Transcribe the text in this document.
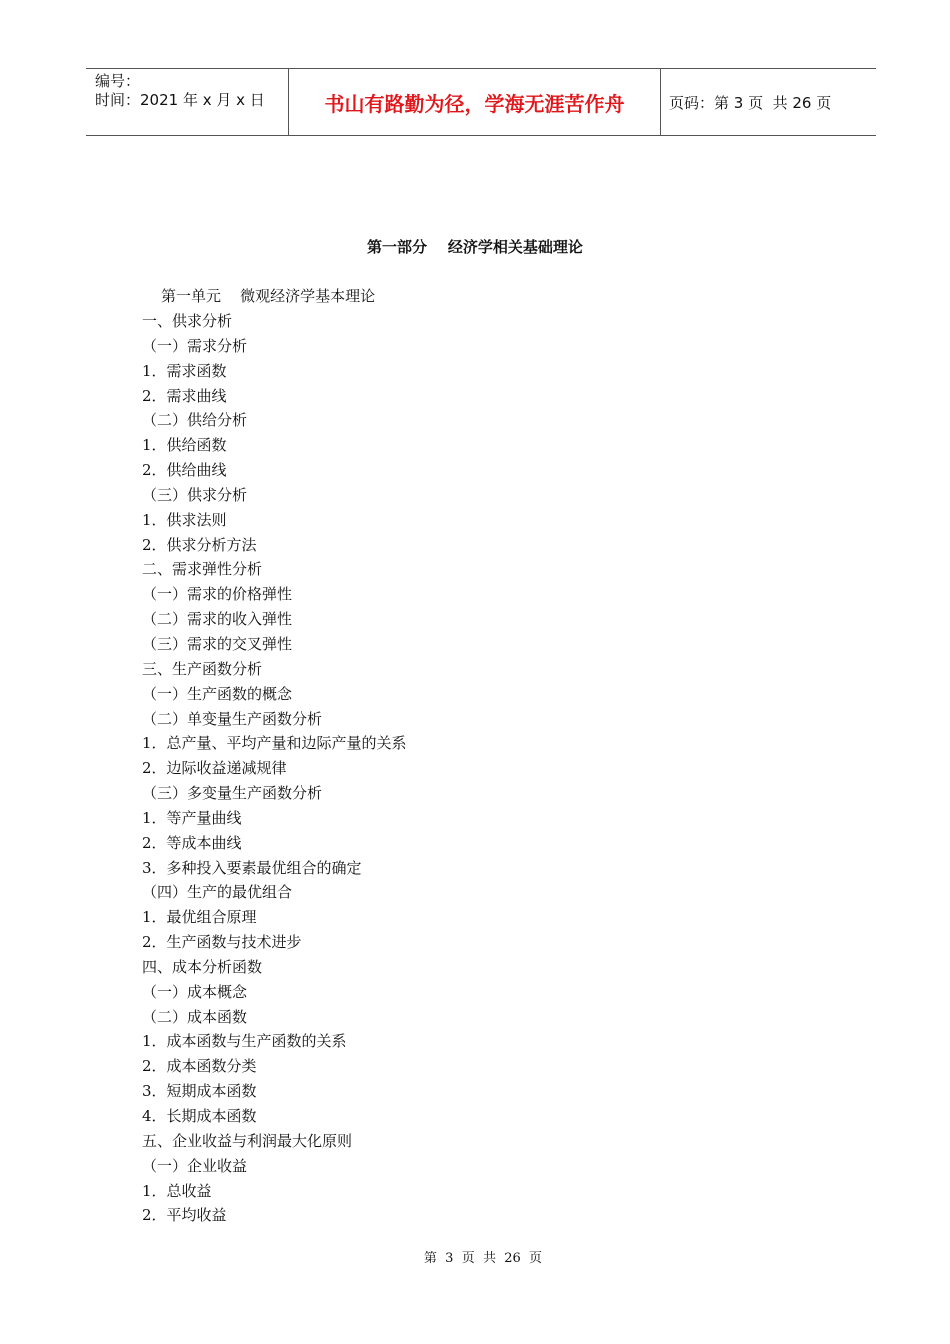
编号：
时间：2021 年 x 月 x 日	书山有路勤为径，学海无涯苦作舟	页码：第 3 页  共 26 页
第一部分    经济学相关基础理论
第一单元    微观经济学基本理论
一、供求分析
（一）需求分析
1．需求函数
2．需求曲线
（二）供给分析
1．供给函数
2．供给曲线
（三）供求分析
1．供求法则
2．供求分析方法
二、需求弹性分析
（一）需求的价格弹性
（二）需求的收入弹性
（三）需求的交叉弹性
三、生产函数分析
（一）生产函数的概念
（二）单变量生产函数分析
1．总产量、平均产量和边际产量的关系
2．边际收益递减规律
（三）多变量生产函数分析
1．等产量曲线
2．等成本曲线
3．多种投入要素最优组合的确定
（四）生产的最优组合
1．最优组合原理
2．生产函数与技术进步
四、成本分析函数
（一）成本概念
（二）成本函数
1．成本函数与生产函数的关系
2．成本函数分类
3．短期成本函数
4．长期成本函数
五、企业收益与利润最大化原则
（一）企业收益
1．总收益
2．平均收益
第  3  页  共  26  页
